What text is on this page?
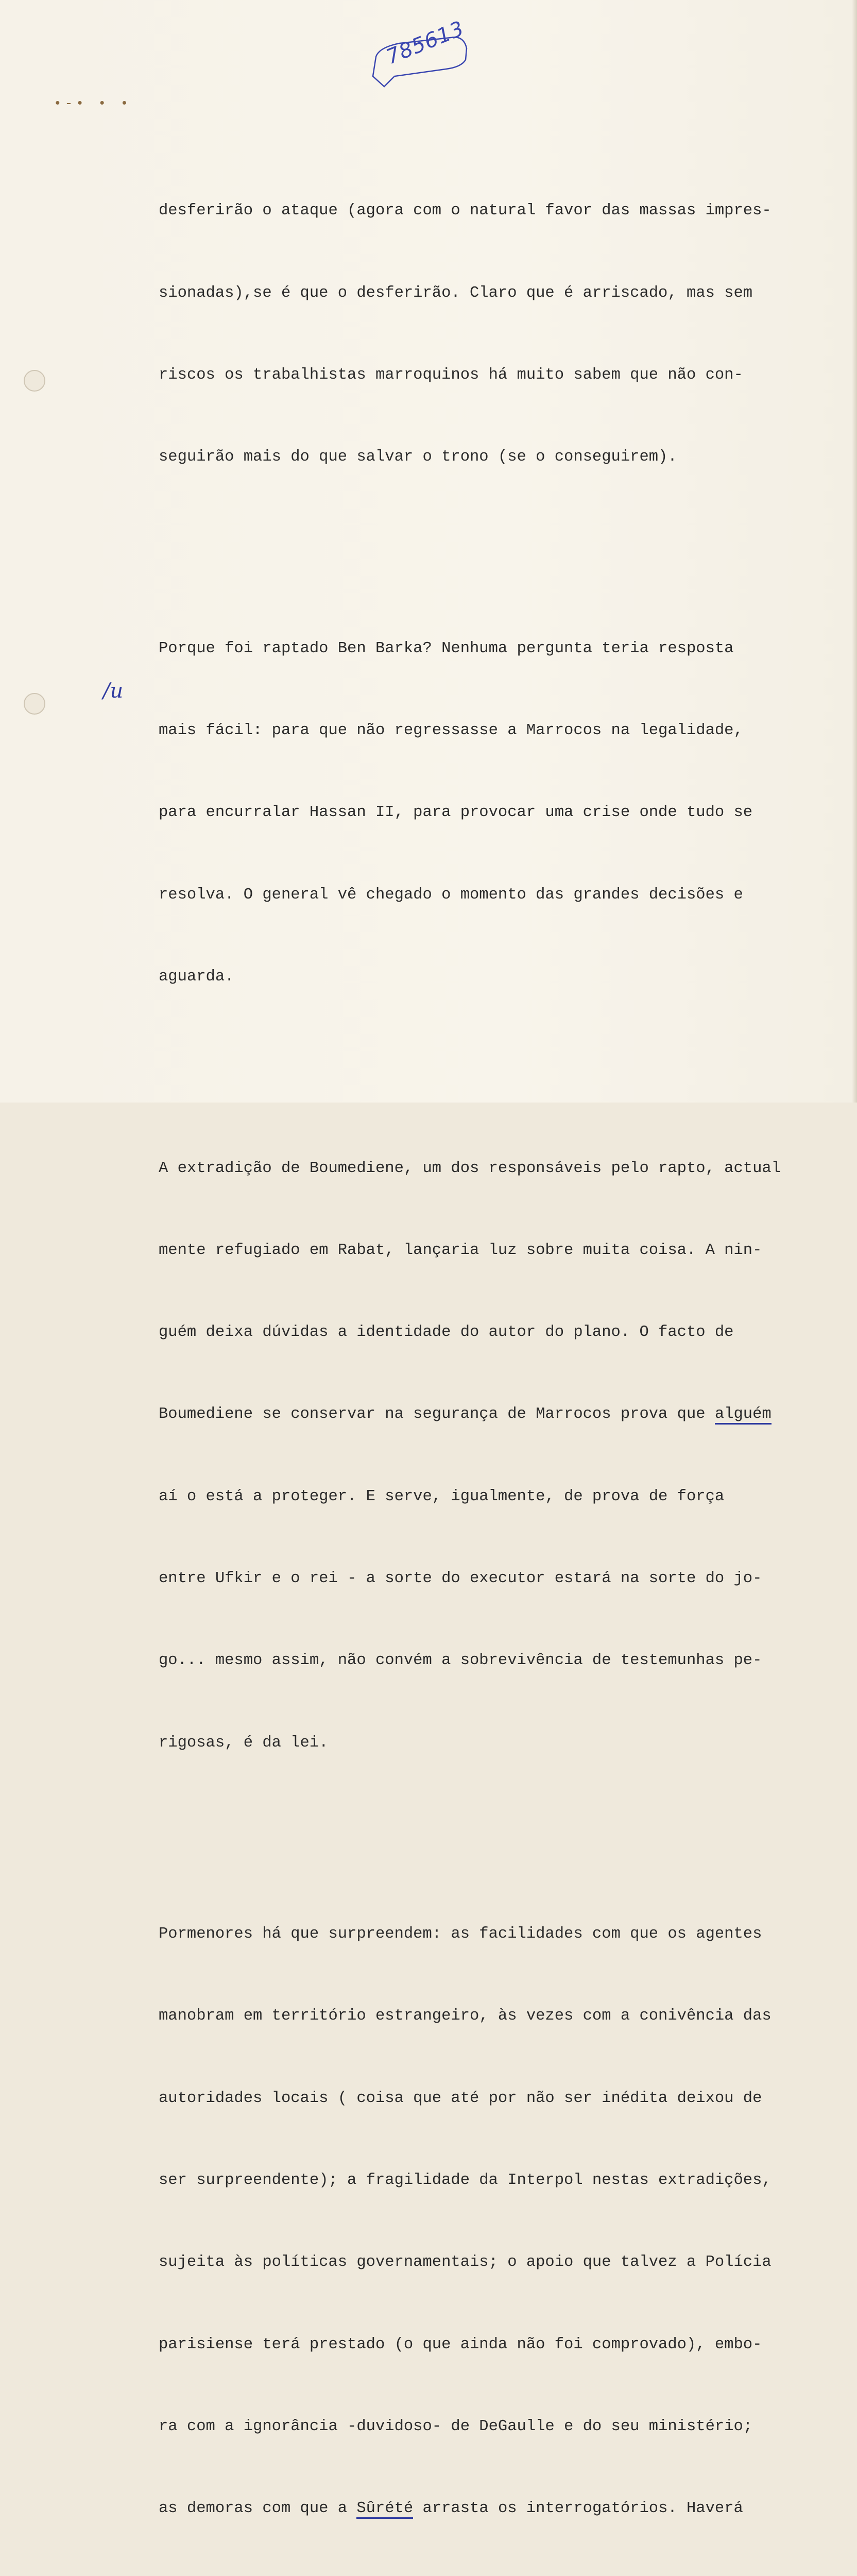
785613
•‑• • •
/u

desferirão o ataque (agora com o natural favor das massas impres-

sionadas),se é que o desferirão. Claro que é arriscado, mas sem

riscos os trabalhistas marroquinos há muito sabem que não con-

seguirão mais do que salvar o trono (se o conseguirem).

Porque foi raptado Ben Barka? Nenhuma pergunta teria resposta

mais fácil: para que não regressasse a Marrocos na legalidade,

para encurralar Hassan II, para provocar uma crise onde tudo se

resolva. O general vê chegado o momento das grandes decisões e

aguarda.

A extradição de Boumediene, um dos responsáveis pelo rapto, actual

mente refugiado em Rabat, lançaria luz sobre muita coisa. A nin-

guém deixa dúvidas a identidade do autor do plano. O facto de

Boumediene se conservar na segurança de Marrocos prova que alguém

aí o está a proteger. E serve, igualmente, de prova de força

entre Ufkir e o rei - a sorte do executor estará na sorte do jo-

go... mesmo assim, não convém a sobrevivência de testemunhas pe-

rigosas, é da lei.

Pormenores há que surpreendem: as facilidades com que os agentes

manobram em território estrangeiro, às vezes com a conivência das

autoridades locais ( coisa que até por não ser inédita deixou de

ser surpreendente); a fragilidade da Interpol nestas extradições,

sujeita às políticas governamentais; o apoio que talvez a Polícia

parisiense terá prestado (o que ainda não foi comprovado), embo-

ra com a ignorância -duvidoso- de DeGaulle e do seu ministério;

as demoras com que a Sûrété arrasta os interrogatórios. Haverá
